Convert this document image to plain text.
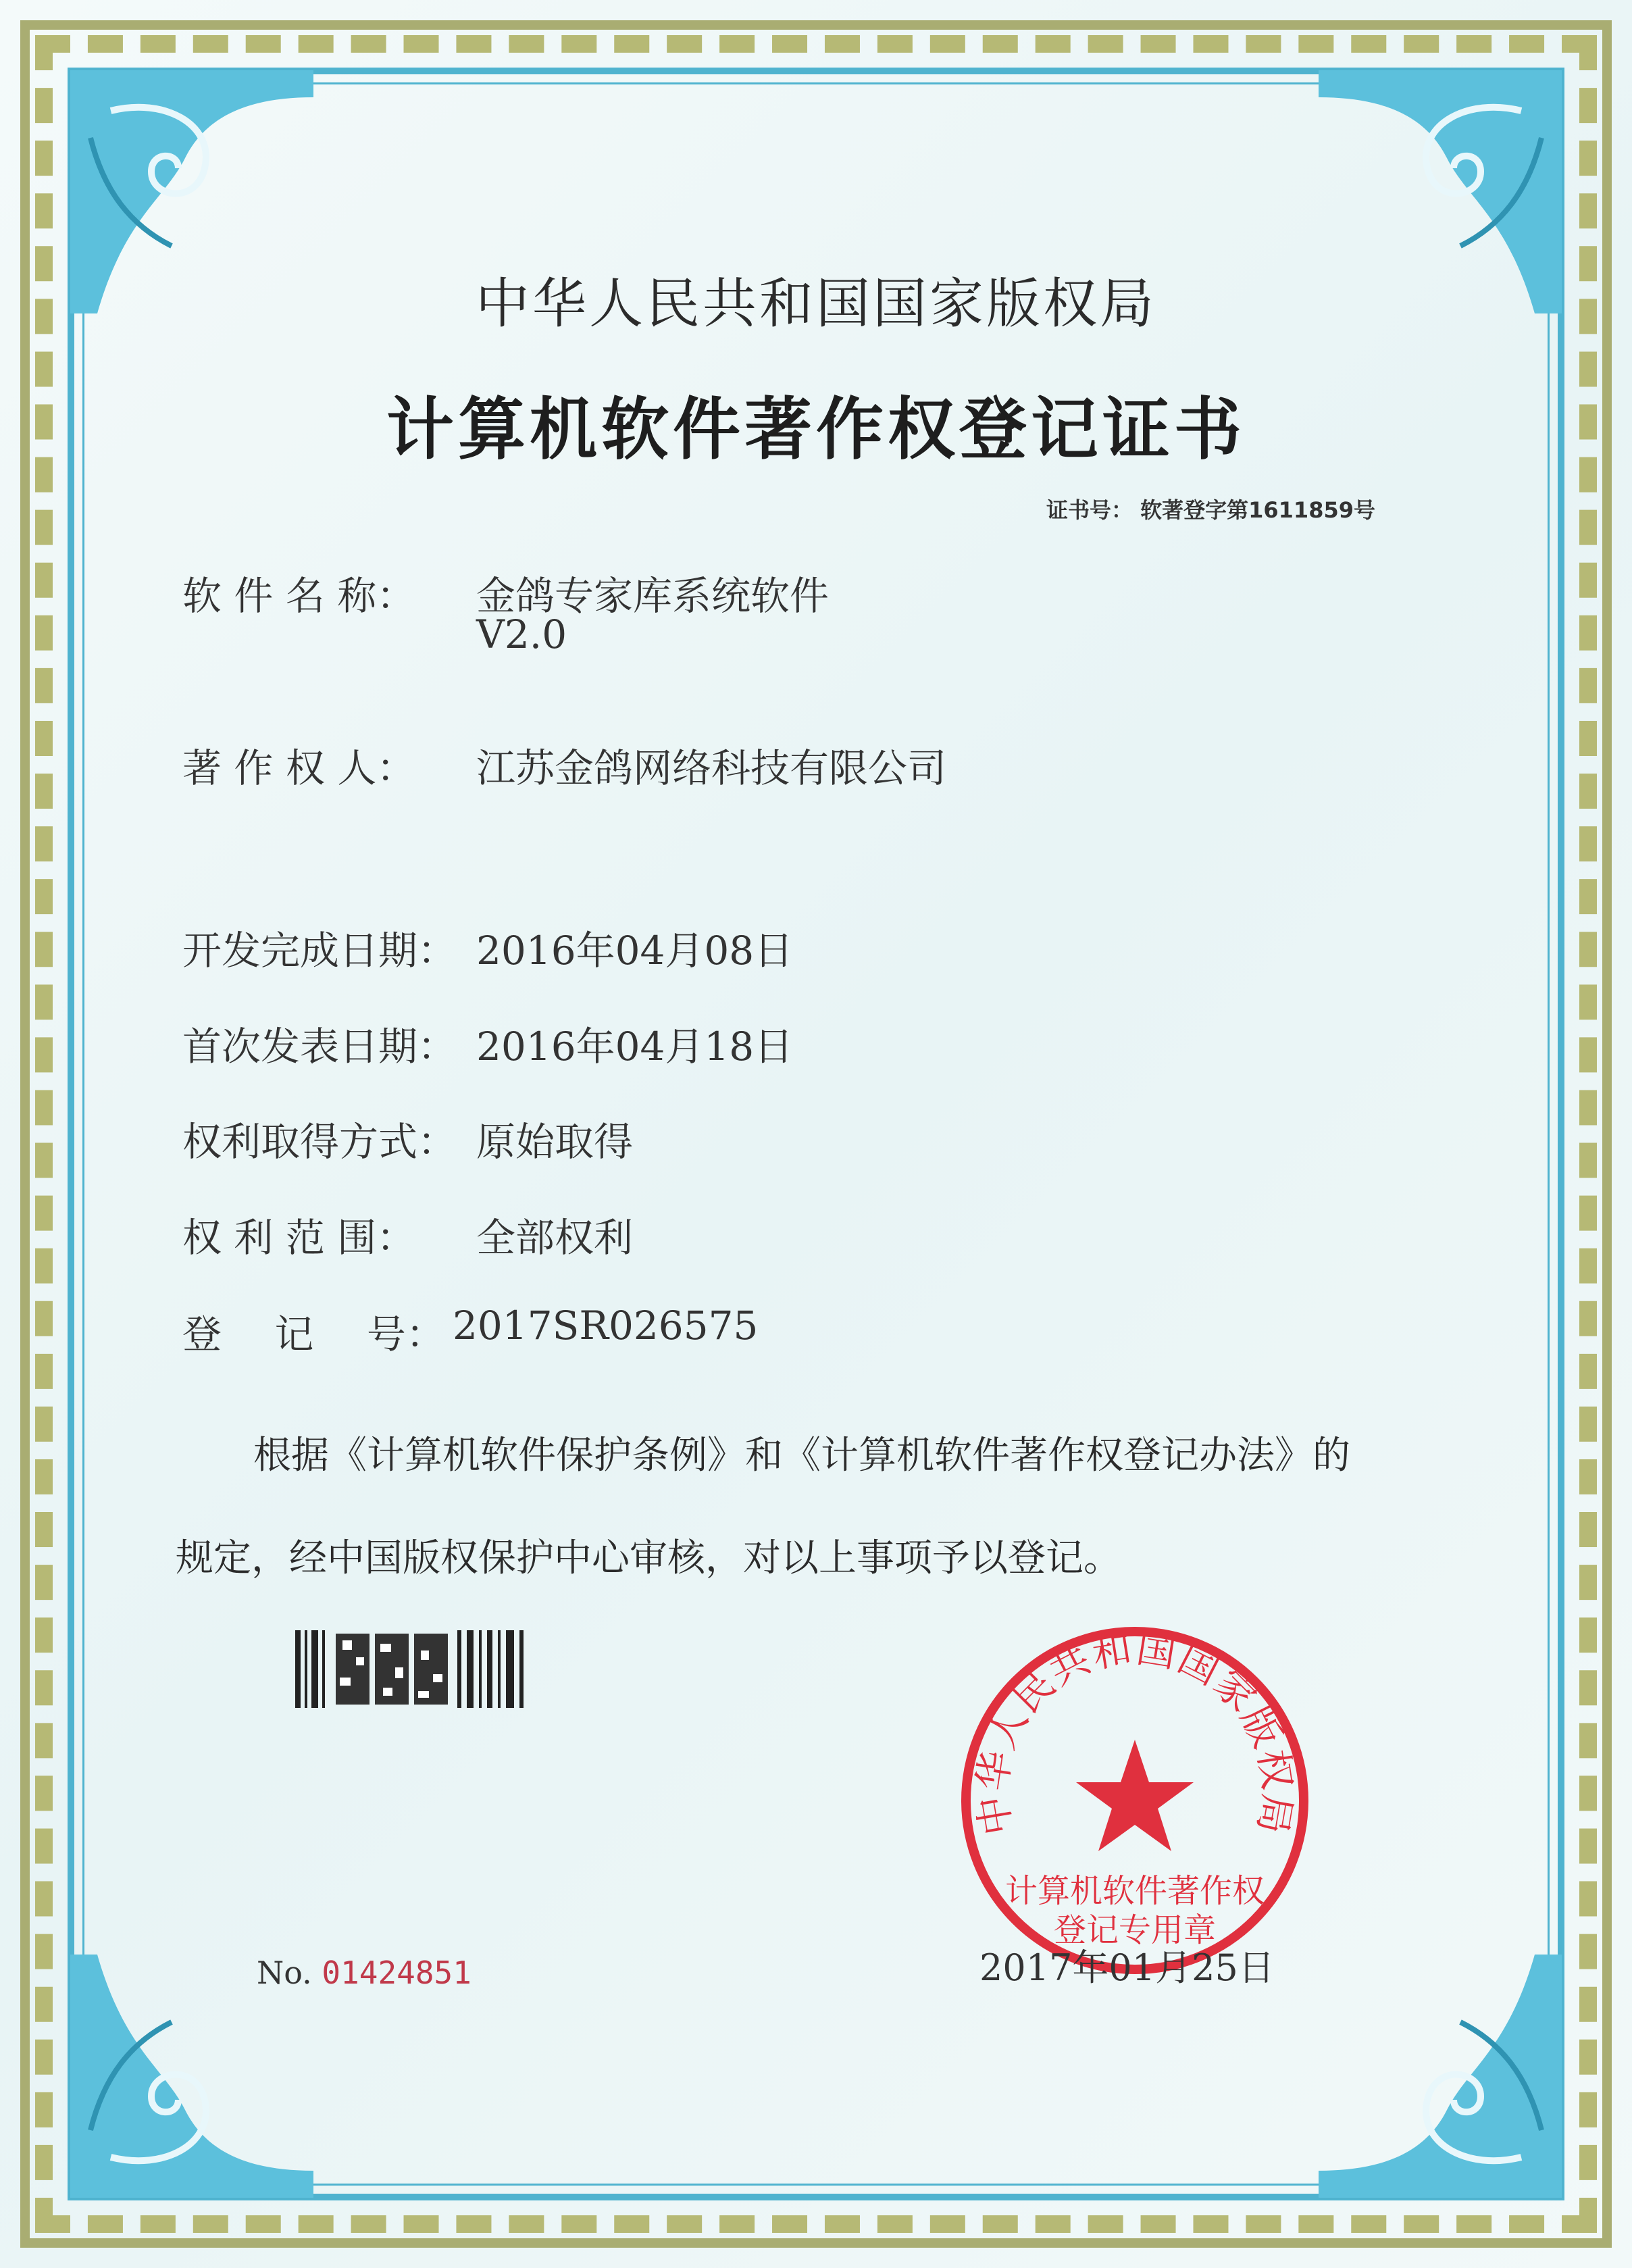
中华人民共和国国家版权局
计算机软件著作权登记证书
证书号： 软著登字第1611859号
软 件 名 称： 金鸽专家库系统软件
V2.0
著 作 权 人： 江苏金鸽网络科技有限公司
开发完成日期： 2016年04月08日
首次发表日期： 2016年04月18日
权利取得方式： 原始取得
权 利 范 围： 全部权利
登 记 号： 2017SR026575
根据《计算机软件保护条例》和《计算机软件著作权登记办法》的
规定，经中国版权保护中心审核，对以上事项予以登记。
中华人民共和国国家版权局
计算机软件著作权
登记专用章
No. 01424851	2017年01月25日
